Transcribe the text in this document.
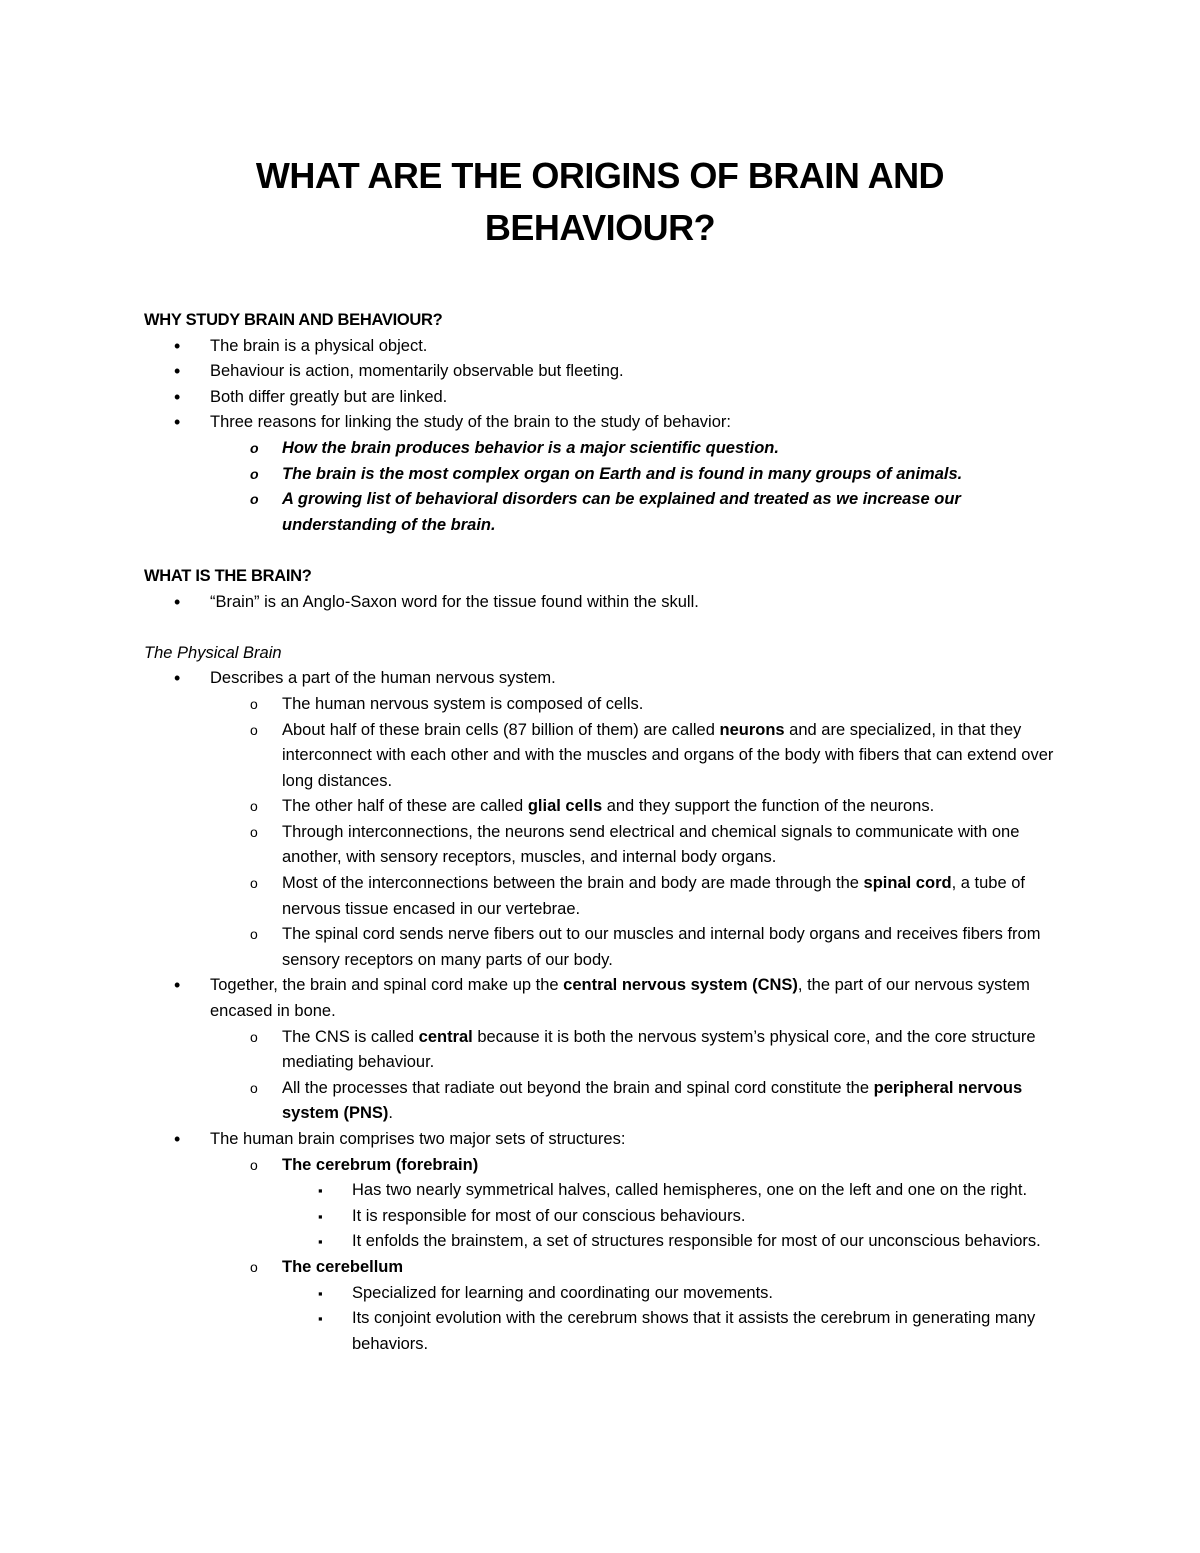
WHAT ARE THE ORIGINS OF BRAIN AND
BEHAVIOUR?

WHY STUDY BRAIN AND BEHAVIOUR?

• The brain is a physical object.
• Behaviour is action, momentarily observable but fleeting.
• Both differ greatly but are linked.
• Three reasons for linking the study of the brain to the study of behavior:
o How the brain produces behavior is a major scientific question.
o The brain is the most complex organ on Earth and is found in many groups of animals.
o A growing list of behavioral disorders can be explained and treated as we increase our understanding of the brain.

WHAT IS THE BRAIN?

• “Brain” is an Anglo-Saxon word for the tissue found within the skull.

The Physical Brain

• Describes a part of the human nervous system.
o The human nervous system is composed of cells.
o About half of these brain cells (87 billion of them) are called neurons and are specialized, in that they interconnect with each other and with the muscles and organs of the body with fibers that can extend over long distances.
o The other half of these are called glial cells and they support the function of the neurons.
o Through interconnections, the neurons send electrical and chemical signals to communicate with one another, with sensory receptors, muscles, and internal body organs.
o Most of the interconnections between the brain and body are made through the spinal cord, a tube of nervous tissue encased in our vertebrae.
o The spinal cord sends nerve fibers out to our muscles and internal body organs and receives fibers from sensory receptors on many parts of our body.
• Together, the brain and spinal cord make up the central nervous system (CNS), the part of our nervous system encased in bone.
o The CNS is called central because it is both the nervous system’s physical core, and the core structure mediating behaviour.
o All the processes that radiate out beyond the brain and spinal cord constitute the peripheral nervous system (PNS).
• The human brain comprises two major sets of structures:
o The cerebrum (forebrain)
▪ Has two nearly symmetrical halves, called hemispheres, one on the left and one on the right.
▪ It is responsible for most of our conscious behaviours.
▪ It enfolds the brainstem, a set of structures responsible for most of our unconscious behaviors.
o The cerebellum
▪ Specialized for learning and coordinating our movements.
▪ Its conjoint evolution with the cerebrum shows that it assists the cerebrum in generating many behaviors.
